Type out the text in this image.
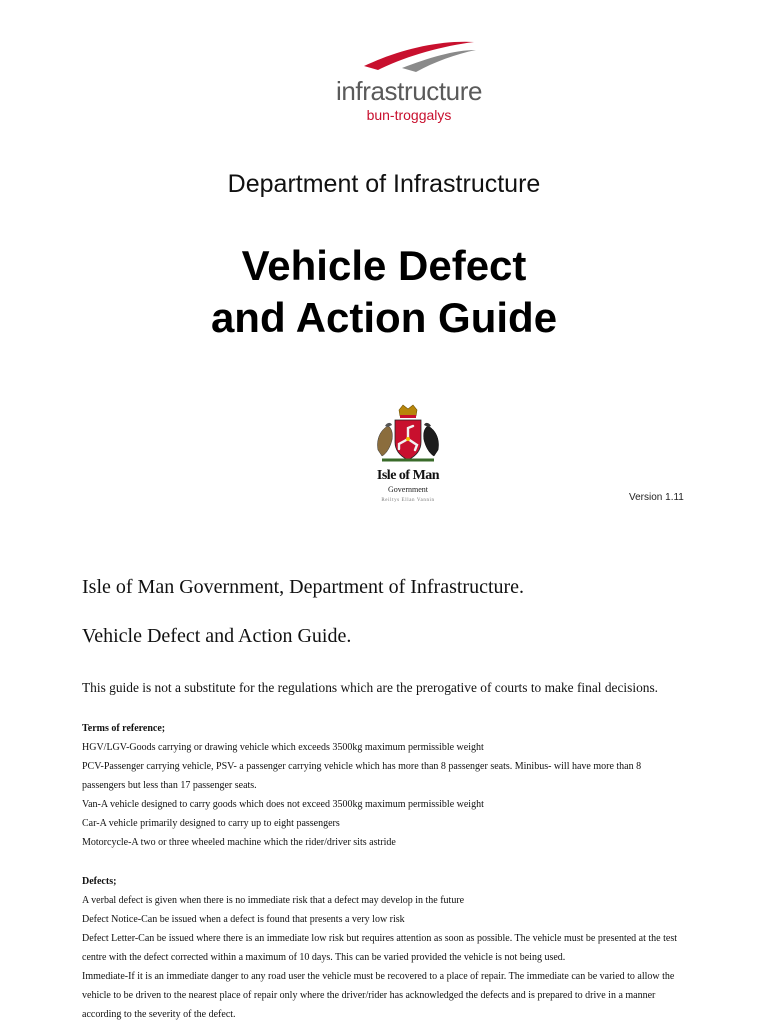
infrastructure
bun-troggalys
Department of Infrastructure
Vehicle Defect
and Action Guide
Isle of Man
Government
Reiltys Ellan Vannin	Version 1.11
Isle of Man Government, Department of Infrastructure.
Vehicle Defect and Action Guide.
This guide is not a substitute for the regulations which are the prerogative of courts to make final decisions.
Terms of reference;
HGV/LGV-Goods carrying or drawing vehicle which exceeds 3500kg maximum permissible weight
PCV-Passenger carrying vehicle, PSV- a passenger carrying vehicle which has more than 8 passenger seats. Minibus- will have more than 8
passengers but less than 17 passenger seats.
Van-A vehicle designed to carry goods which does not exceed 3500kg maximum permissible weight
Car-A vehicle primarily designed to carry up to eight passengers
Motorcycle-A two or three wheeled machine which the rider/driver sits astride
Defects;
A verbal defect is given when there is no immediate risk that a defect may develop in the future
Defect Notice-Can be issued when a defect is found that presents a very low risk
Defect Letter-Can be issued where there is an immediate low risk but requires attention as soon as possible. The vehicle must be presented at the test
centre with the defect corrected within a maximum of 10 days. This can be varied provided the vehicle is not being used.
Immediate-If it is an immediate danger to any road user the vehicle must be recovered to a place of repair. The immediate can be varied to allow the
vehicle to be driven to the nearest place of repair only where the driver/rider has acknowledged the defects and is prepared to drive in a manner
according to the severity of the defect.
